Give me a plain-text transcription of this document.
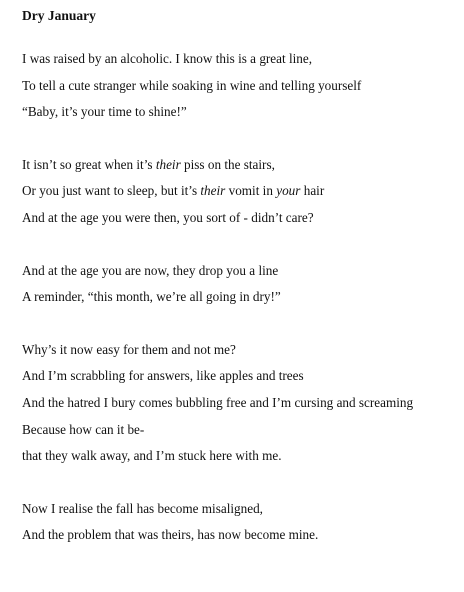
Dry January
I was raised by an alcoholic. I know this is a great line,
To tell a cute stranger while soaking in wine and telling yourself
“Baby, it’s your time to shine!”
It isn’t so great when it’s their piss on the stairs,
Or you just want to sleep, but it’s their vomit in your hair
And at the age you were then, you sort of - didn’t care?
And at the age you are now, they drop you a line
A reminder, “this month, we’re all going in dry!”
Why’s it now easy for them and not me?
And I’m scrabbling for answers, like apples and trees
And the hatred I bury comes bubbling free and I’m cursing and screaming
Because how can it be-
that they walk away, and I’m stuck here with me.
Now I realise the fall has become misaligned,
And the problem that was theirs, has now become mine.
